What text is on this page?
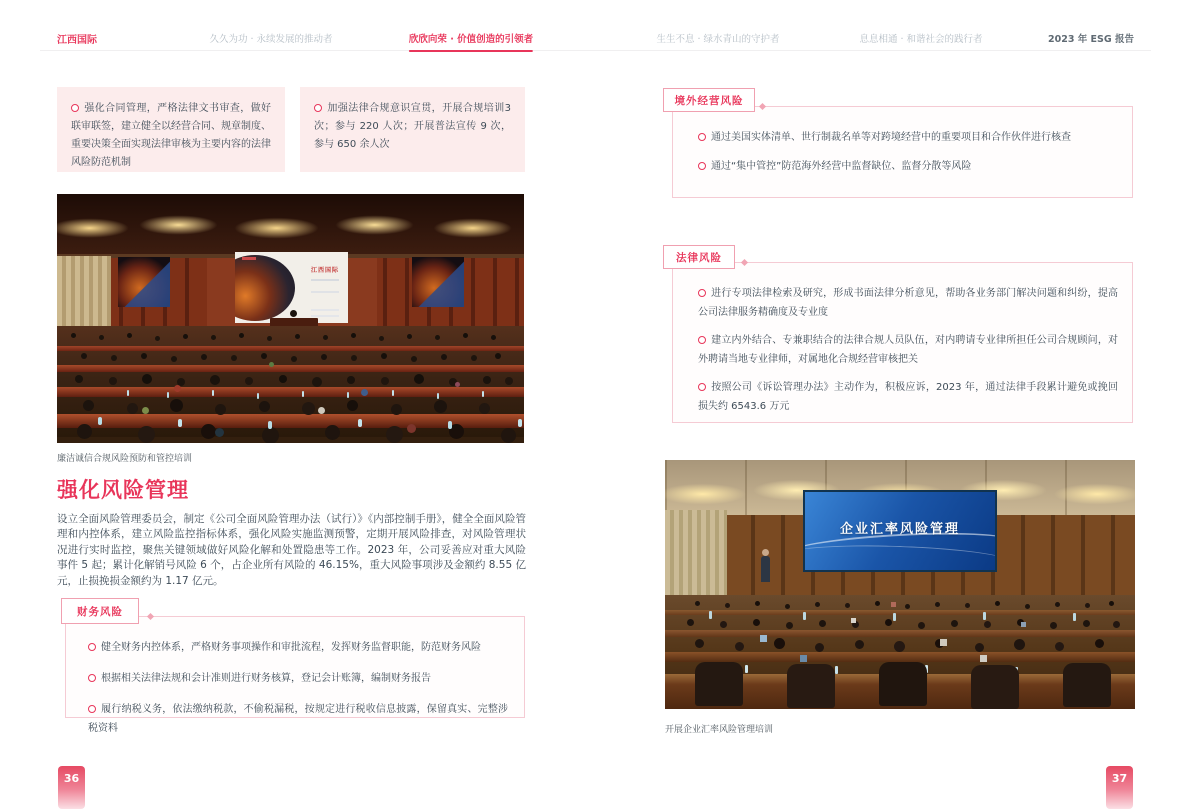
江西国际	久久为功 · 永续发展的推动者	欣欣向荣 · 价值创造的引领者	生生不息 · 绿水青山的守护者	息息相通 · 和谐社会的践行者	2023 年 ESG 报告
强化合同管理，严格法律文书审查，做好联审联签，建立健全以经营合同、规章制度、重要决策全面实现法律审核为主要内容的法律风险防范机制
加强法律合规意识宣贯，开展合规培训3次；参与 220 人次；开展普法宣传 9 次，参与 650 余人次
江西国际
廉洁诚信合规风险预防和管控培训
强化风险管理
设立全面风险管理委员会，制定《公司全面风险管理办法（试行）》《内部控制手册》，健全全面风险管理和内控体系，建立风险监控指标体系，强化风险实施监测预警，定期开展风险排查，对风险管理状况进行实时监控，聚焦关键领域做好风险化解和处置隐患等工作。2023 年，公司妥善应对重大风险事件 5 起；累计化解销号风险 6 个，占企业所有风险的 46.15%，重大风险事项涉及金额约 8.55 亿元，止损挽损金额约为 1.17 亿元。
财务风险
健全财务内控体系，严格财务事项操作和审批流程，发挥财务监督职能，防范财务风险
根据相关法律法规和会计准则进行财务核算，登记会计账簿，编制财务报告
履行纳税义务，依法缴纳税款，不偷税漏税，按规定进行税收信息披露，保留真实、完整涉税资料
境外经营风险
通过美国实体清单、世行制裁名单等对跨境经营中的重要项目和合作伙伴进行核查
通过“集中管控”防范海外经营中监督缺位、监督分散等风险
法律风险
进行专项法律检索及研究，形成书面法律分析意见，帮助各业务部门解决问题和纠纷，提高公司法律服务精确度及专业度
建立内外结合、专兼职结合的法律合规人员队伍，对内聘请专业律所担任公司合规顾问，对外聘请当地专业律师，对属地化合规经营审核把关
按照公司《诉讼管理办法》主动作为，积极应诉，2023 年，通过法律手段累计避免或挽回损失约 6543.6 万元
企业汇率风险管理
开展企业汇率风险管理培训
36	37
